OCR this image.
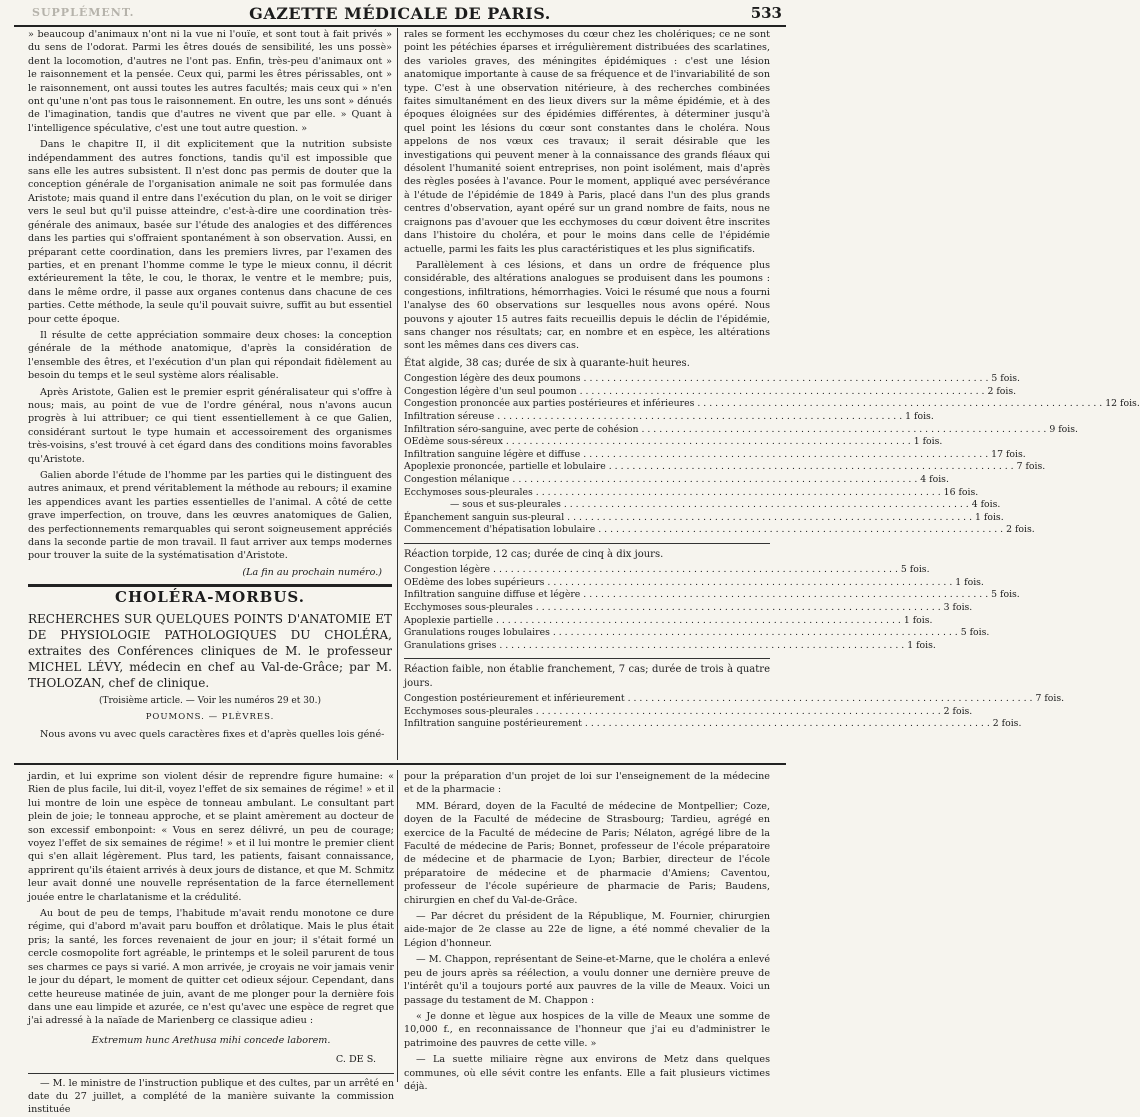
SUPPLÉMENT.	GAZETTE MÉDICALE DE PARIS.	533

» beaucoup d'animaux n'ont ni la vue ni l'ouïe, et sont tout à fait privés » du sens de l'odorat. Parmi les êtres doués de sensibilité, les uns possè» dent la locomotion, d'autres ne l'ont pas. Enfin, très-peu d'animaux ont » le raisonnement et la pensée. Ceux qui, parmi les êtres périssables, ont » le raisonnement, ont aussi toutes les autres facultés; mais ceux qui » n'en ont qu'une n'ont pas tous le raisonnement. En outre, les uns sont » dénués de l'imagination, tandis que d'autres ne vivent que par elle. » Quant à l'intelligence spéculative, c'est une tout autre question. »

Dans le chapitre II, il dit explicitement que la nutrition subsiste indépendamment des autres fonctions, tandis qu'il est impossible que sans elle les autres subsistent. Il n'est donc pas permis de douter que la conception générale de l'organisation animale ne soit pas formulée dans Aristote; mais quand il entre dans l'exécution du plan, on le voit se diriger vers le seul but qu'il puisse atteindre, c'est-à-dire une coordination très-générale des animaux, basée sur l'étude des analogies et des différences dans les parties qui s'offraient spontanément à son observation. Aussi, en préparant cette coordination, dans les premiers livres, par l'examen des parties, et en prenant l'homme comme le type le mieux connu, il décrit extérieurement la tête, le cou, le thorax, le ventre et le membre; puis, dans le même ordre, il passe aux organes contenus dans chacune de ces parties. Cette méthode, la seule qu'il pouvait suivre, suffit au but essentiel pour cette époque.

Il résulte de cette appréciation sommaire deux choses: la conception générale de la méthode anatomique, d'après la considération de l'ensemble des êtres, et l'exécution d'un plan qui répondait fidèlement au besoin du temps et le seul système alors réalisable.

Après Aristote, Galien est le premier esprit généralisateur qui s'offre à nous; mais, au point de vue de l'ordre général, nous n'avons aucun progrès à lui attribuer; ce qui tient essentiellement à ce que Galien, considérant surtout le type humain et accessoirement des organismes très-voisins, s'est trouvé à cet égard dans des conditions moins favorables qu'Aristote.

Galien aborde l'étude de l'homme par les parties qui le distinguent des autres animaux, et prend véritablement la méthode au rebours; il examine les appendices avant les parties essentielles de l'animal. A côté de cette grave imperfection, on trouve, dans les œuvres anatomiques de Galien, des perfectionnements remarquables qui seront soigneusement appréciés dans la seconde partie de mon travail. Il faut arriver aux temps modernes pour trouver la suite de la systématisation d'Aristote.

(La fin au prochain numéro.)

CHOLÉRA-MORBUS.

RECHERCHES SUR QUELQUES POINTS D'ANATOMIE ET DE PHYSIOLOGIE PATHOLOGIQUES DU CHOLÉRA, extraites des Conférences cliniques de M. le professeur MICHEL LÉVY, médecin en chef au Val-de-Grâce; par M. THOLOZAN, chef de clinique.

(Troisième article. — Voir les numéros 29 et 30.)

POUMONS. — PLÈVRES.

Nous avons vu avec quels caractères fixes et d'après quelles lois géné-

rales se forment les ecchymoses du cœur chez les cholériques; ce ne sont point les pétéchies éparses et irrégulièrement distribuées des scarlatines, des varioles graves, des méningites épidémiques : c'est une lésion anatomique importante à cause de sa fréquence et de l'invariabilité de son type. C'est à une observation nitérieure, à des recherches combinées faites simultanément en des lieux divers sur la même épidémie, et à des époques éloignées sur des épidémies différentes, à déterminer jusqu'à quel point les lésions du cœur sont constantes dans le choléra. Nous appelons de nos vœux ces travaux; il serait désirable que les investigations qui peuvent mener à la connaissance des grands fléaux qui désolent l'humanité soient entreprises, non point isolément, mais d'après des règles posées à l'avance. Pour le moment, appliqué avec persévérance à l'étude de l'épidémie de 1849 à Paris, placé dans l'un des plus grands centres d'observation, ayant opéré sur un grand nombre de faits, nous ne craignons pas d'avouer que les ecchymoses du cœur doivent être inscrites dans l'histoire du choléra, et pour le moins dans celle de l'épidémie actuelle, parmi les faits les plus caractéristiques et les plus significatifs.

Parallèlement à ces lésions, et dans un ordre de fréquence plus considérable, des altérations analogues se produisent dans les poumons : congestions, infiltrations, hémorrhagies. Voici le résumé que nous a fourni l'analyse des 60 observations sur lesquelles nous avons opéré. Nous pouvons y ajouter 15 autres faits recueillis depuis le déclin de l'épidémie, sans changer nos résultats; car, en nombre et en espèce, les altérations sont les mêmes dans ces divers cas.

État algide, 38 cas; durée de six à quarante-huit heures.

Congestion légère des deux poumons . . .	5 fois.
Congestion légère d'un seul poumon . . .	2 fois.
Congestion prononcée aux parties postérieures et inférieures . . .	12 fois.
Infiltration séreuse . . .	1 fois.
Infiltration séro-sanguine, avec perte de cohésion . . .	9 fois.
OEdème sous-séreux . . .	1 fois.
Infiltration sanguine légère et diffuse . . .	17 fois.
Apoplexie prononcée, partielle et lobulaire . . .	7 fois.
Congestion mélanique . . .	4 fois.
Ecchymoses sous-pleurales . . .	16 fois.
— sous et sus-pleurales . . .	4 fois.
Épanchement sanguin sus-pleural . . .	1 fois.
Commencement d'hépatisation lobulaire . . .	2 fois.

Réaction torpide, 12 cas; durée de cinq à dix jours.

Congestion légère . . .	5 fois.
OEdème des lobes supérieurs . . .	1 fois.
Infiltration sanguine diffuse et légère . . .	5 fois.
Ecchymoses sous-pleurales . . .	3 fois.
Apoplexie partielle . . .	1 fois.
Granulations rouges lobulaires . . .	5 fois.
Granulations grises . . .	1 fois.

Réaction faible, non établie franchement, 7 cas; durée de trois à quatre jours.

Congestion postérieurement et inférieurement . . .	7 fois.
Ecchymoses sous-pleurales . . .	2 fois.
Infiltration sanguine postérieurement . . .	2 fois.

jardin, et lui exprime son violent désir de reprendre figure humaine: « Rien de plus facile, lui dit-il, voyez l'effet de six semaines de régime! » et il lui montre de loin une espèce de tonneau ambulant. Le consultant part plein de joie; le tonneau approche, et se plaint amèrement au docteur de son excessif embonpoint: « Vous en serez délivré, un peu de courage; voyez l'effet de six semaines de régime! » et il lui montre le premier client qui s'en allait légèrement. Plus tard, les patients, faisant connaissance, apprirent qu'ils étaient arrivés à deux jours de distance, et que M. Schmitz leur avait donné une nouvelle représentation de la farce éternellement jouée entre le charlatanisme et la crédulité.

Au bout de peu de temps, l'habitude m'avait rendu monotone ce dure régime, qui d'abord m'avait paru bouffon et drôlatique. Mais le plus était pris; la santé, les forces revenaient de jour en jour; il s'était formé un cercle cosmopolite fort agréable, le printemps et le soleil parurent de tous ses charmes ce pays si varié. A mon arrivée, je croyais ne voir jamais venir le jour du départ, le moment de quitter cet odieux séjour. Cependant, dans cette heureuse matinée de juin, avant de me plonger pour la dernière fois dans une eau limpide et azurée, ce n'est qu'avec une espèce de regret que j'ai adressé à la naïade de Marienberg ce classique adieu :

Extremum hunc Arethusa mihi concede laborem.

C. DE S.

— M. le ministre de l'instruction publique et des cultes, par un arrêté en date du 27 juillet, a complété de la manière suivante la commission instituée

pour la préparation d'un projet de loi sur l'enseignement de la médecine et de la pharmacie :

MM. Bérard, doyen de la Faculté de médecine de Montpellier; Coze, doyen de la Faculté de médecine de Strasbourg; Tardieu, agrégé en exercice de la Faculté de médecine de Paris; Nélaton, agrégé libre de la Faculté de médecine de Paris; Bonnet, professeur de l'école préparatoire de médecine et de pharmacie de Lyon; Barbier, directeur de l'école préparatoire de médecine et de pharmacie d'Amiens; Caventou, professeur de l'école supérieure de pharmacie de Paris; Baudens, chirurgien en chef du Val-de-Grâce.

— Par décret du président de la République, M. Fournier, chirurgien aide-major de 2e classe au 22e de ligne, a été nommé chevalier de la Légion d'honneur.

— M. Chappon, représentant de Seine-et-Marne, que le choléra a enlevé peu de jours après sa réélection, a voulu donner une dernière preuve de l'intérêt qu'il a toujours porté aux pauvres de la ville de Meaux. Voici un passage du testament de M. Chappon :

« Je donne et lègue aux hospices de la ville de Meaux une somme de 10,000 f., en reconnaissance de l'honneur que j'ai eu d'administrer le patrimoine des pauvres de cette ville. »

— La suette miliaire règne aux environs de Metz dans quelques communes, où elle sévit contre les enfants. Elle a fait plusieurs victimes déjà.
